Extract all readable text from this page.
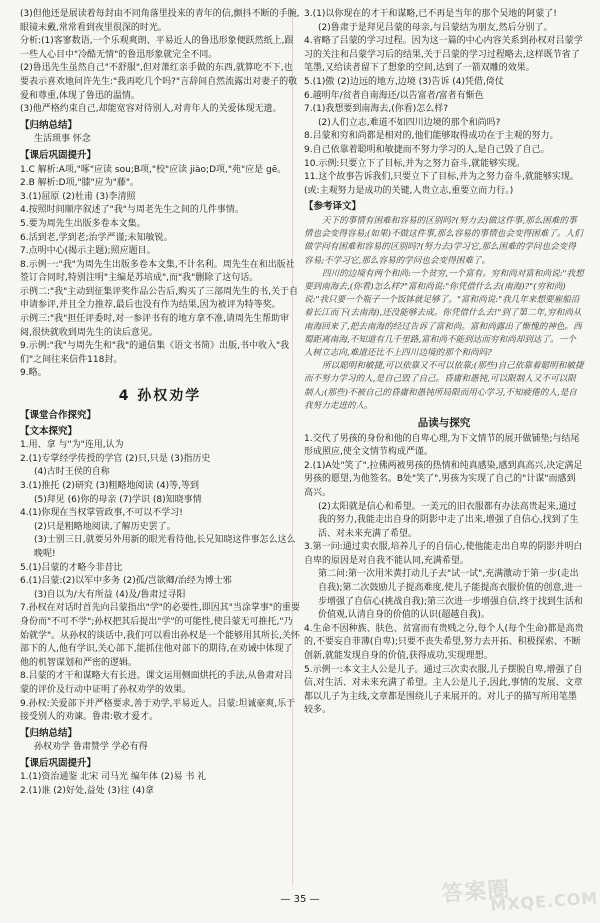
(3)但他还是展读着每封由不同角落里投来的青年的信,颤抖不断的手腕,眼镜未戴,常常看到夜里很深的时光。
分析:(1)客寥数语,一个乐观爽朗、平易近人的鲁迅形象便跃然纸上,跟一些人心目中"冷酷无情"的鲁迅形象就完全不同。
(2)鲁迅先生虽然自己"不舒服",但对萧红亲手做的东西,就算吃不下,也要表示喜欢地问许先生:"我再吃几个吗?"言辞间自然流露出对妻子的敬爱和尊重,体现了鲁迅的温情。
(3)他严格约束自己,却能宽容对待别人,对青年人的关爱体现无遗。
【归纳总结】
生活琐事 怀念
【课后巩固提升】
1.C 解析:A项,"啄"应读 sou;B项,"校"应读 jiào;D项,"苑"应是 gē。
2.B 解析:D项,"膝"应为"藤"。
3.(1)屈原 (2)杜甫 (3)李清照
4.按照时间顺序叙述了"我"与周老先生之间的几件事情。
5.要为周先生出版多卷本文集。
6.活到老,学到老;治学严谨;未知敏锐。
7.点明中心(揭示主题);照应题目。
8.示例一:"我"为周先生出版多卷本文集,不计名利。周先生在和出版社签订合同时,特别注明"主编是苏培成",而"我"删除了这句话。
示例二:"我"主动到征集评奖作品公告后,购买了三部周先生的书,关于自申请参评,并且全力推荐,最后也没有作为结果,因为被评为特等奖。
示例三:"我"担任评委时,对一参评书有的地方拿不准,请周先生帮助审阅,很快就收到周先生的读后意见。
9.示例:"我"与周先生和"我"的通信集《语文书简》出版,书中收入"我们"之间往来信件118封。
9.略。
4 孙权劝学
【课堂合作探究】
【文本探究】
1.用、拿 与"为"连用,认为
2.(1)专掌经学传授的学官 (2)只,只是 (3)指历史
(4)古时王侯的自称
3.(1)推托 (2)研究 (3)粗略地阅读 (4)等,等到
(5)拜见 (6)你的母亲 (7)学识 (8)知晓事情
4.(1)你现在当权掌管政事,不可以不学习!
(2)只是粗略地阅读,了解历史罢了。
(3)士别三日,就要另外用新的眼光看待他,长兄知晓这件事怎么这么晚呢!
5.(1)吕蒙的才略今非昔比
6.(1)吕蒙:(2)以军中多务 (2)孤/岂欲卿/治经为博士邪
(3)自以为/大有所益 (4)及/鲁肃过寻阳
7.孙权在对话时首先向吕蒙指出"学"的必要性,即因其"当涂掌事"的重要身份而"不可不学";孙权把其后提出"学"的可能性,使吕蒙无可推托,"乃始就学"。从孙权的谈话中,我们可以看出孙权是一个能够用其所长,关怀部下的人,他有学识,关心部下,能抓住他对部下的期待,在劝诫中体现了他的机智谋划和严密的逻辑。
8.吕蒙的才干和谋略大有长进。课文运用侧面烘托的手法,从鲁肃对吕蒙的评价及行动中证明了孙权劝学的效果。
9.孙权:关爱部下并严格要求,善于劝学,平易近人。吕蒙:坦诚豪爽,乐于接受别人的劝谏。鲁肃:敬才爱才。
【归纳总结】
孙权劝学 鲁肃赞学 学必有得
【课后巩固提升】
1.(1)资治通鉴 北宋 司马光 编年体 (2)易 书 礼
2.(1)谁 (2)好处,益处 (3)往 (4)拿
3.(1)以你现在的才干和谋略,已不再是当年的那个吴地的阿蒙了!
(2)鲁肃于是拜见吕蒙的母亲,与吕蒙结为朋友,然后分别了。
4.省略了吕蒙的学习过程。因为这一篇的中心内容关系到孙权对吕蒙学习的关注和吕蒙学习后的结果,关于吕蒙的学习过程略去,这样既节省了笔墨,又给读者留下了想象的空间,达到了一箭双雕的效果。
5.(1)傲 (2)边远的地方,边境 (3)告诉 (4)凭借,倚仗
6.越明年/贫者自南海还/以告富者/富者有惭色
7.(1)我想要到南海去,(你看)怎么样?
(2)人们立志,难道不如四川边境的那个和尚吗?
8.吕蒙和穷和尚都是相对的,他们能够取得成功在于主观的努力。
9.自己依靠着聪明和敏捷而不努力学习的人,是自己毁了自己。
10.示例:只要立下了目标,并为之努力奋斗,就能够实现。
11.这个故事告诉我们,只要立下了目标,并为之努力奋斗,就能够实现。(或:主观努力是成功的关键,人贵立志,重要立而力行。)
【参考译文】
天下的事情有困难和容易的区别吗?(努力去)做这件事,那么困难的事情也会变得容易;(如果)不做这件事,那么容易的事情也会变得困难了。人们做学问有困难和容易的区别吗?(努力去)学习它,那么困难的学问也会变得容易;不学习它,那么容易的学问也会变得困难了。
四川的边境有两个和尚:一个贫穷,一个富有。穷和尚对富和尚说:"我想要到南海去,(你看)怎么样?"富和尚说:"你凭借什么去(南海)?"(穷和尚)说:"我只要一个瓶子一个饭钵就足够了。"富和尚说:"我几年来想要雇船沿着长江而下(去南海),还没能够去成。你凭借什么去!"到了第二年,穷和尚从南海回来了,把去南海的经过告诉了富和尚。富和尚露出了惭愧的神色。西蜀距离南海,不知道有几千里路,富和尚不能到达而穷和尚却到达了。一个人树立志向,难道还比不上四川边境的那个和尚吗?
所以聪明和敏捷,可以依靠又不可以依靠;(那些)自己依靠着聪明和敏捷而不努力学习的人,是自己毁了自己。昏庸和愚钝,可以限制人又不可以限制人;(那些)不被自己的昏庸和愚钝所局限而用心学习,不知疲倦的人,是自我努力走进的人。
品读与探究
1.交代了男孩的身份和他的自卑心理,为下文情节的展开做铺垫;与结尾形成照应,使全文情节构成严谨。
2.(1)A处"笑了",拉佛两被男孩的热情和纯真感染,感到真高兴,决定满足男孩的愿望,为他签名。B处"笑了",男孩为实现了自己的"计谋"而感到高兴。
(2)太阳就是信心和希望。一美元的旧衣服都有办法高贵起来,通过我的努力,我能走出自身的阴影中走了出来,增强了自信心,找到了生活、对未来充满了希望。
3.第一问:通过卖衣服,培养儿子的自信心,使他能走出自卑的阴影并明白自卑的原因是对自我不能认同,充满希望。
第二问:第一次用米黄打动儿子去"试一试",充满激动于第一步(走出自我);第二次鼓励儿子提高难度,使儿子能提高衣服价值的创意,进一步增强了自信心(挑战自我);第三次进一步增强自信,终于找到生活和价值观,认清自身的价值的认识(超越自我)。
4.生命不因种族、肤色、贫富而有贵贱之分,每个人(每个生命)都是高贵的,不要妄自菲薄(自卑);只要不丧失希望,努力去开拓、积极探索、不断创新,就能发现自身的价值,获得成功,实现理想。
5.示例一:本文主人公是儿子。通过三次卖衣服,儿子摆脱自卑,增强了自信,对生活、对未来充满了希望。主人公是儿子,因此,事情的发展、文章都以儿子为主线,文章都是围绕儿子来展开的。对儿子的描写所用笔墨较多。
— 35 —	答案圈
MXQE.COM
